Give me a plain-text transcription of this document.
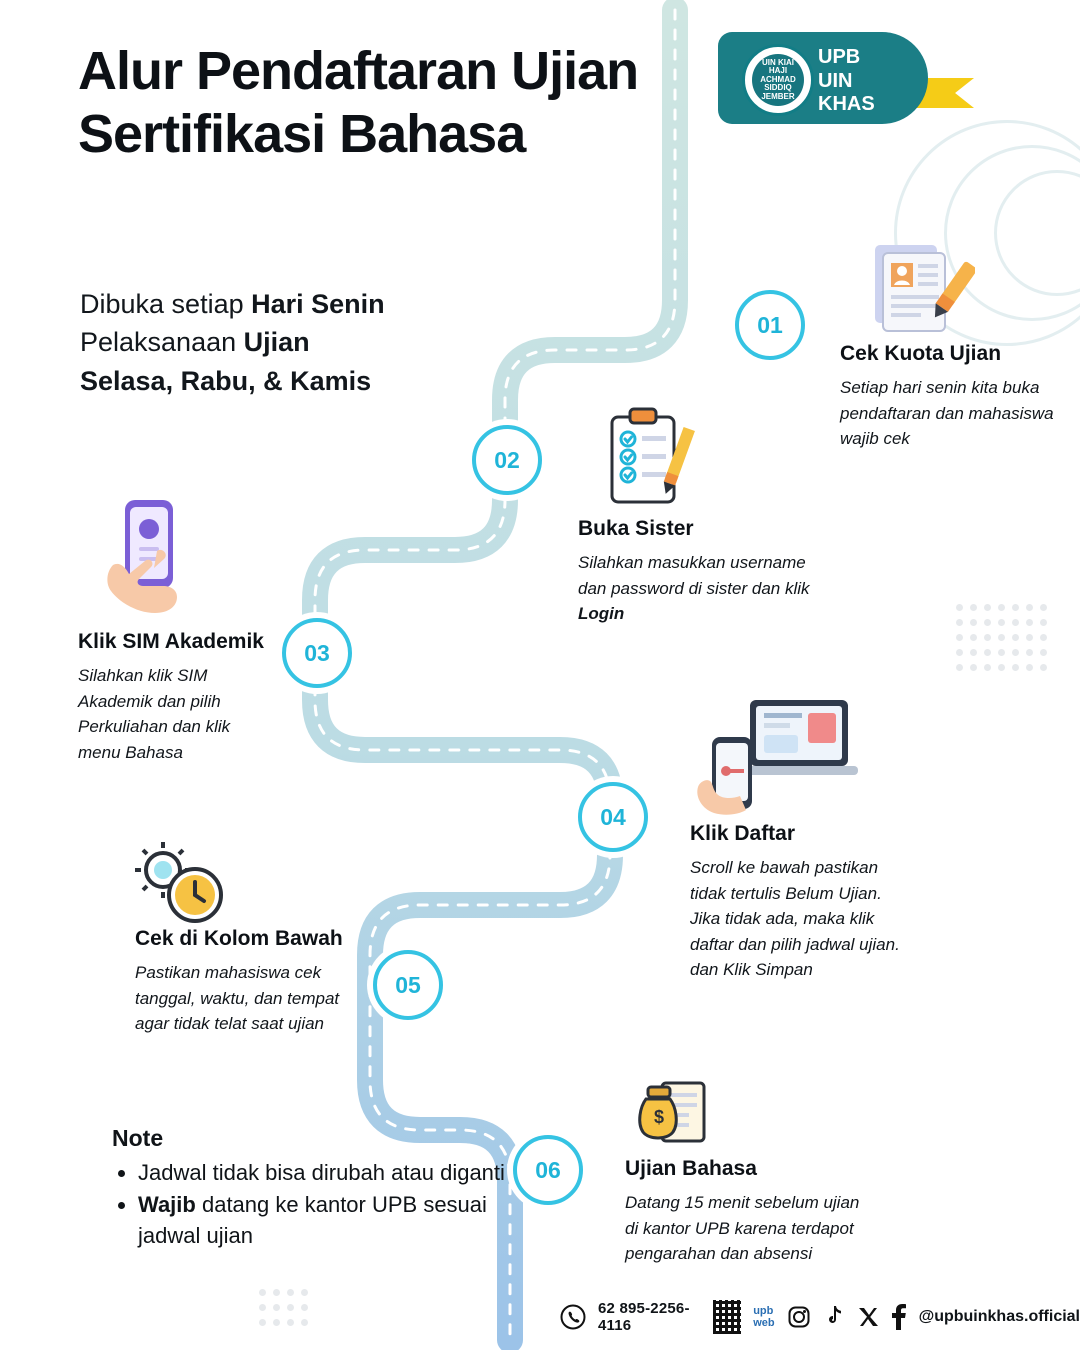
Alur Pendaftaran Ujian Sertifikasi Bahasa
Dibuka setiap Hari Senin
Pelaksanaan Ujian
Selasa, Rabu, & Kamis
UIN KIAI HAJI ACHMAD SIDDIQ JEMBER
UPB
UIN
KHAS
01
Cek Kuota Ujian

Setiap hari senin kita buka pendaftaran dan mahasiswa wajib cek

02
Buka Sister

Silahkan masukkan username dan password di sister dan klik Login

03
Klik SIM Akademik

Silahkan klik SIM Akademik dan pilih Perkuliahan dan klik menu Bahasa

04
Klik Daftar

Scroll ke bawah pastikan tidak tertulis Belum Ujian. Jika tidak ada, maka klik daftar dan pilih jadwal ujian. dan Klik Simpan

05
Cek di Kolom Bawah

Pastikan mahasiswa cek tanggal, waktu, dan tempat agar tidak telat saat ujian

06
$
Ujian Bahasa

Datang 15 menit sebelum ujian di kantor UPB karena terdapot pengarahan dan absensi

Note
• Jadwal tidak bisa dirubah atau diganti
• Wajib datang ke kantor UPB sesuai jadwal ujian
62 895-2256-4116
upb
web	@upbuinkhas.official
